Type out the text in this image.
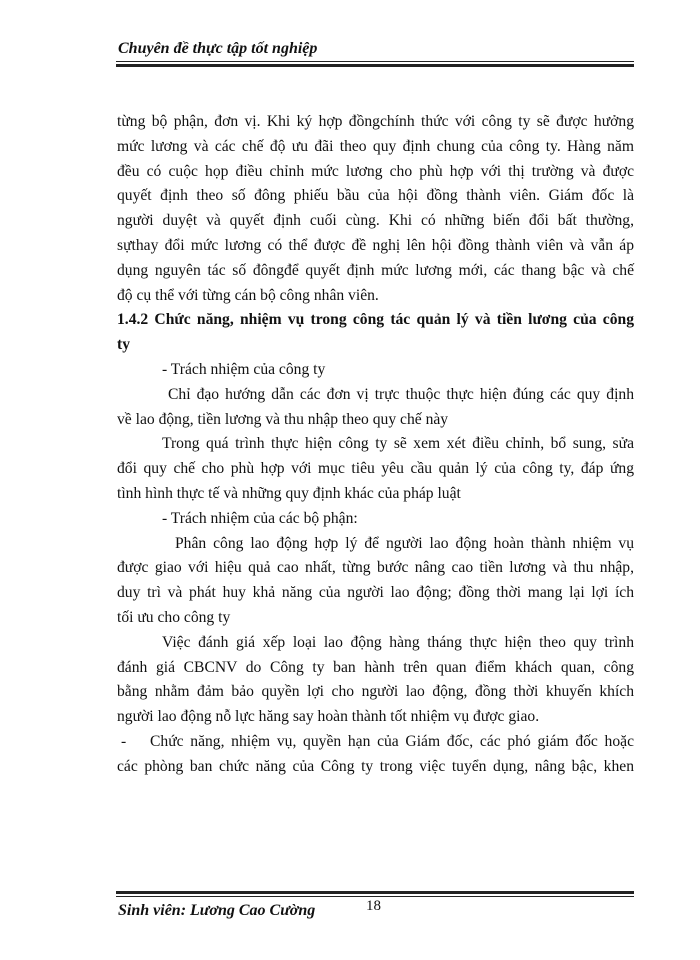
Chuyên đề thực tập tốt nghiệp
từng bộ phận, đơn vị. Khi ký hợp đồngchính thức với công ty sẽ được hưởng
mức lương và các chế độ ưu đãi theo quy định chung của công ty. Hàng năm
đều có cuộc họp điều chỉnh mức lương cho phù hợp với thị trường và được
quyết định theo số đông phiếu bầu của hội đồng thành viên. Giám đốc là
người duyệt và quyết định cuối cùng. Khi có những biến đổi bất thường,
sựthay đổi mức lương có thể được đề nghị lên hội đồng thành viên và vẫn áp
dụng nguyên tác số đôngđể quyết định mức lương mới, các thang bậc và chế
độ cụ thể với từng cán bộ công nhân viên.
1.4.2 Chức năng, nhiệm vụ trong công tác quản lý và tiền lương của công
ty
- Trách nhiệm của công ty
Chỉ đạo hướng dẫn các đơn vị trực thuộc thực hiện đúng các quy định
về lao động, tiền lương và thu nhập theo quy chế này
Trong quá trình thực hiện công ty sẽ xem xét điều chỉnh, bổ sung, sửa
đổi quy chế cho phù hợp với mục tiêu yêu cầu quản lý của công ty, đáp ứng
tình hình thực tế và những quy định khác của pháp luật
- Trách nhiệm của các bộ phận:
Phân công lao động hợp lý để người lao động hoàn thành nhiệm vụ
được giao với hiệu quả cao nhất, từng bước nâng cao tiền lương và thu nhập,
duy trì và phát huy khả năng của người lao động; đồng thời mang lại lợi ích
tối ưu cho công ty
Việc đánh giá xếp loại lao động hàng tháng thực hiện theo quy trình
đánh giá CBCNV do Công ty ban hành trên quan điểm khách quan, công
bằng nhằm đảm bảo quyền lợi cho người lao động, đồng thời khuyến khích
người lao động nỗ lực hăng say hoàn thành tốt nhiệm vụ được giao.
-	Chức năng, nhiệm vụ, quyền hạn của Giám đốc, các phó giám đốc hoặc
các phòng ban chức năng của Công ty trong việc tuyển dụng, nâng bậc, khen
Sinh viên: Lương Cao Cường	18
